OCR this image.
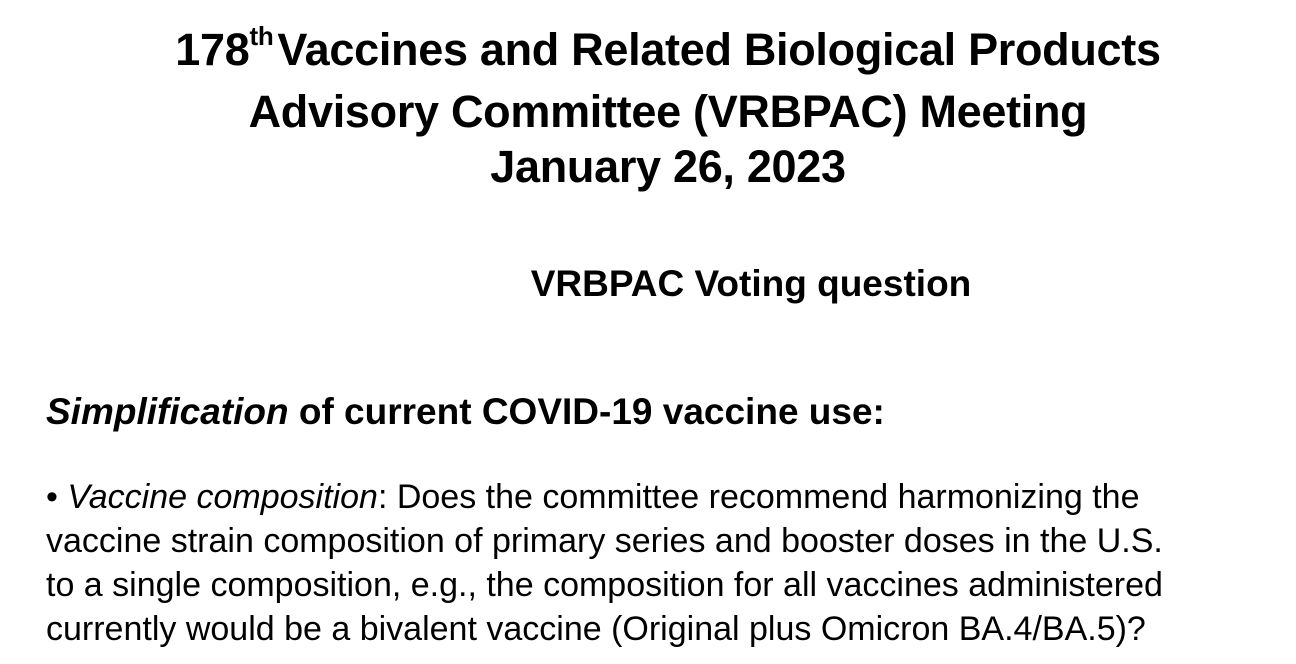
178thVaccines and Related Biological Products
Advisory Committee (VRBPAC) Meeting
January 26, 2023
VRBPAC Voting question
Simplification of current COVID-19 vaccine use:
• Vaccine composition: Does the committee recommend harmonizing the
vaccine strain composition of primary series and booster doses in the U.S.
to a single composition, e.g., the composition for all vaccines administered
currently would be a bivalent vaccine (Original plus Omicron BA.4/BA.5)?
